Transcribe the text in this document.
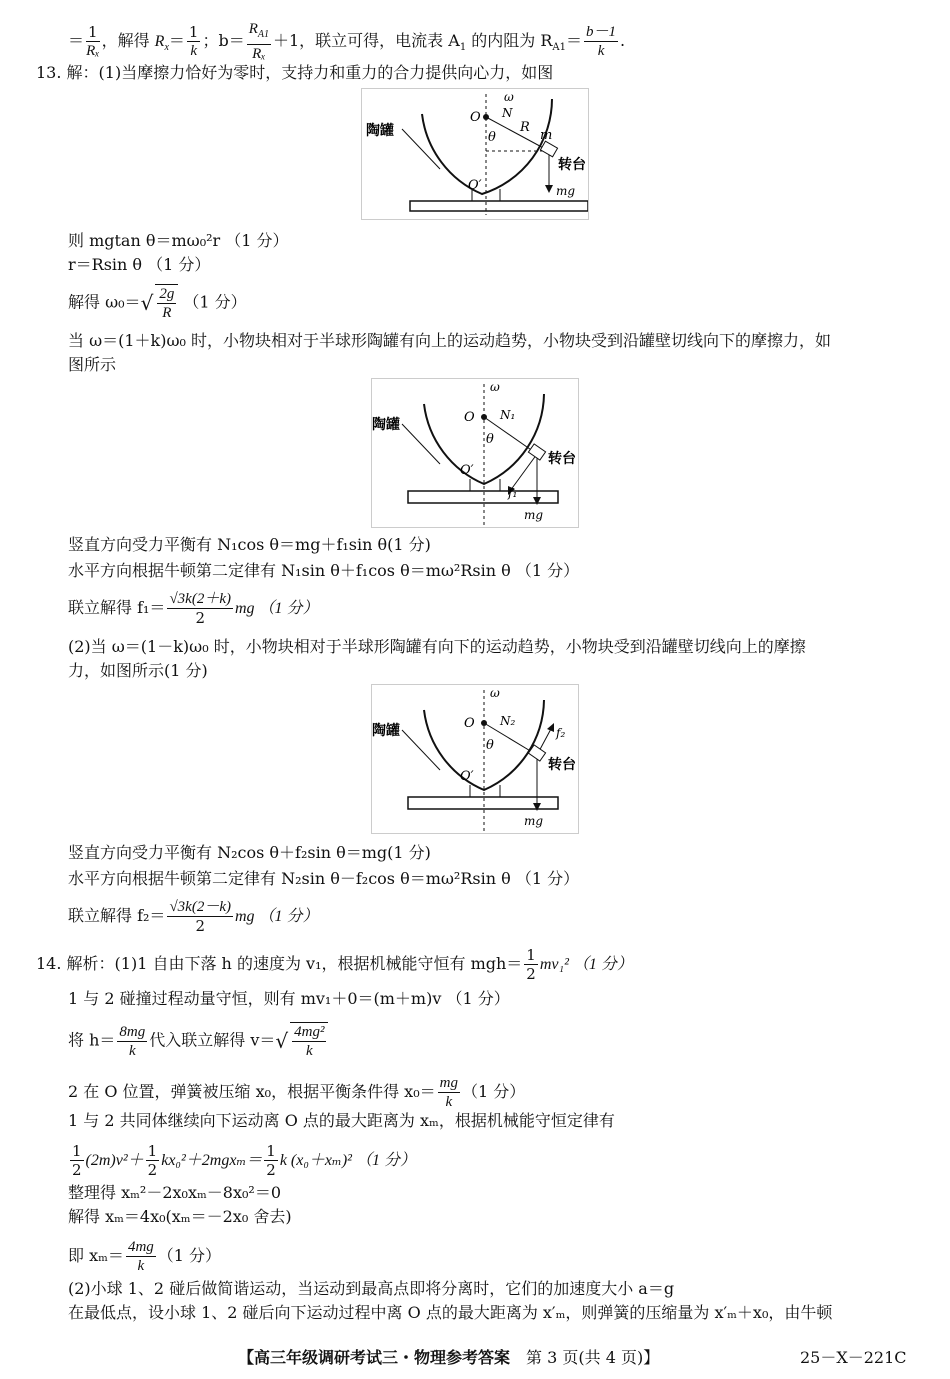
＝ $\frac{1}{\text{Rₓ}}$ ，解得 $R_x= \frac{1}{k}$ ；$b= \frac{R_{A1}}{\text{Rₓ}} +1$，联立可得，电流表 $A_1$ 的内阻为 $R_{A1}= \frac{b-1}{k}$ .
13. 解：(1)当摩擦力恰好为零时，支持力和重力的合力提供向心力，如图
陶罐
转台
O
O′
N
R
m
mg
θ
ω
则 mgtan θ＝mω₀²r （1 分）
r＝Rsin θ （1 分）
解得 $\omega_0=√ \frac{2g}{R} (1$ 分）
当 ω＝(1＋k)ω₀ 时，小物块相对于半球形陶罐有向上的运动趋势，小物块受到沿罐壁切线向下的摩擦力，如
图所示
陶罐
转台
O
O′
N₁
f₁
mg
θ
ω
竖直方向受力平衡有 N₁cos θ＝mg＋f₁sin θ(1 分)
水平方向根据牛顿第二定律有 N₁sin θ＋f₁cos θ＝mω²Rsin θ （1 分）
联立解得 $f_1= \frac{√3k(2+k)}{2}$ mg （1 分）
(2)当 ω＝(1－k)ω₀ 时，小物块相对于半球形陶罐有向下的运动趋势，小物块受到沿罐壁切线向上的摩擦
力，如图所示(1 分)
陶罐
转台
O
O′
N₂
f₂
mg
θ
ω
竖直方向受力平衡有 N₂cos θ＋f₂sin θ＝mg(1 分)
水平方向根据牛顿第二定律有 N₂sin θ－f₂cos θ＝mω²Rsin θ （1 分）
联立解得 $f_2= \frac{√3k(2-k)}{2}$ mg （1 分）
14. 解析：(1)1 自由下落 h 的速度为 v₁，根据机械能守恒有 $mgh= \frac{1}{2} mv_1^2$ （1 分）
1 与 2 碰撞过程动量守恒，则有 mv₁＋0＝(m＋m)v （1 分）
将 $h= \frac{8mg}{k}$ 代入联立解得 $v=√ \frac{\text{4mg²}}{k}$
2 在 O 位置，弹簧被压缩 x₀，根据平衡条件得 $x_0= \frac{mg}{k} (1$ 分）
1 与 2 共同体继续向下运动离 O 点的最大距离为 xₘ，根据机械能守恒定律有
$\frac{1}{2} (2m)v^2+ \frac{1}{2} kx_0^2+2mgx_m= \frac{1}{2}$ k (x₀＋xₘ)² （1 分）
整理得 xₘ²－2x₀xₘ－8x₀²＝0
解得 xₘ＝4x₀(xₘ＝－2x₀ 舍去)
即 $x_m= \frac{4mg}{k} (1$ 分）
(2)小球 1、2 碰后做简谐运动，当运动到最高点即将分离时，它们的加速度大小 a＝g
在最低点，设小球 1、2 碰后向下运动过程中离 O 点的最大距离为 x′ₘ，则弹簧的压缩量为 x′ₘ＋x₀，由牛顿
【高三年级调研考试三・物理参考答案　 第 3 页(共 4 页)】	25－X－221C
